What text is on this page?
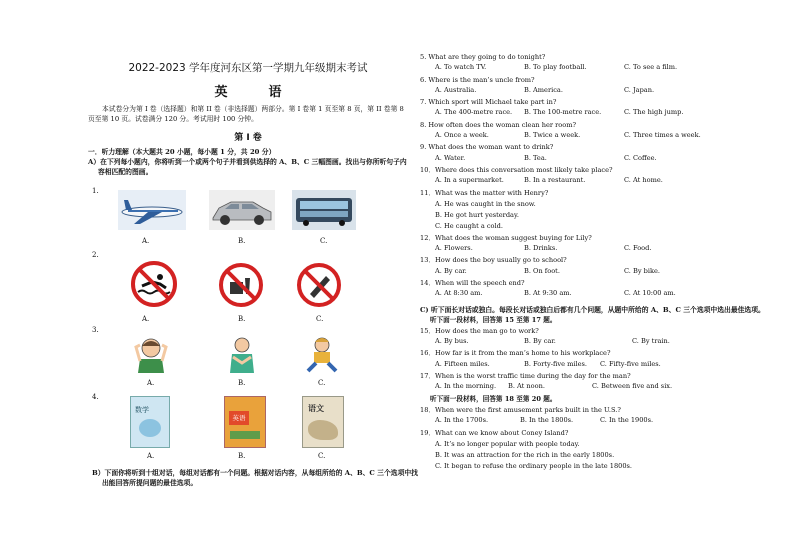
2022-2023 学年度河东区第一学期九年级期末考试
英　语
本试卷分为第 I 卷（选择题）和第 II 卷（非选择题）两部分。第 I 卷第 1 页至第 8 页，第 II 卷第 8 页至第 10 页。试卷满分 120 分。考试用时 100 分钟。
第 Ⅰ 卷
一．听力理解（本大题共 20 小题，每小题 1 分，共 20 分）
A）在下列每小题内，你将听到一个或两个句子并看到供选择的 A、B、C 三幅图画。找出与你所听句子内容相匹配的图画。
1.
A.	B.	C.
2.
A.	B.	C.
3.
A.	B.	C.
4.
数学
英语
语文
A.	B.	C.
B）下面你将听到十组对话，每组对话都有一个问题。根据对话内容，从每组所给的 A、B、C 三个选项中找出能回答所提问题的最佳选项。
5. What are they going to do tonight?
A. To watch TV.	B. To play football.	C. To see a film.
6. Where is the man’s uncle from?
A. Australia.	B. America.	C. Japan.
7. Which sport will Michael take part in?
A. The 400-metre race. B. The 100-metre race.	C. The high jump.
8. How often does the woman clean her room?
A. Once a week.	B. Twice a week.	C. Three times a week.
9. What does the woman want to drink?
A. Water.	B. Tea.	C. Coffee.
10．Where does this conversation most likely take place?
A. In a supermarket.	B. In a restaurant.	C. At home.
11．What was the matter with Henry?
A. He was caught in the snow.
B. He got hurt yesterday.
C. He caught a cold.
12．What does the woman suggest buying for Lily?
A. Flowers.	B. Drinks.	C. Food.
13．How does the boy usually go to school?
A. By car.	B. On foot.	C. By bike.
14．When will the speech end?
A. At 8:30 am.	B. At 9:30 am.	C. At 10:00 am.
C) 听下面长对话或独白。每段长对话或独白后都有几个问题，从题中所给的 A、B、C 三个选项中选出最佳选项。
听下面一段材料，回答第 15 至第 17 题。
15．How does the man go to work?
A. By bus.	B. By car.	C. By train.
16．How far is it from the man’s home to his workplace?
A. Fifteen miles.	B. Forty-five miles. C. Fifty-five miles.
17．When is the worst traffic time during the day for the man?
A. In the morning. B. At noon.	C. Between five and six.
听下面一段材料，回答第 18 至第 20 题。
18．When were the first amusement parks built in the U.S.?
A. In the 1700s.	B. In the 1800s.	C. In the 1900s.
19．What can we know about Coney Island?
A. It’s no longer popular with people today.
B. It was an attraction for the rich in the early 1800s.
C. It began to refuse the ordinary people in the late 1800s.
